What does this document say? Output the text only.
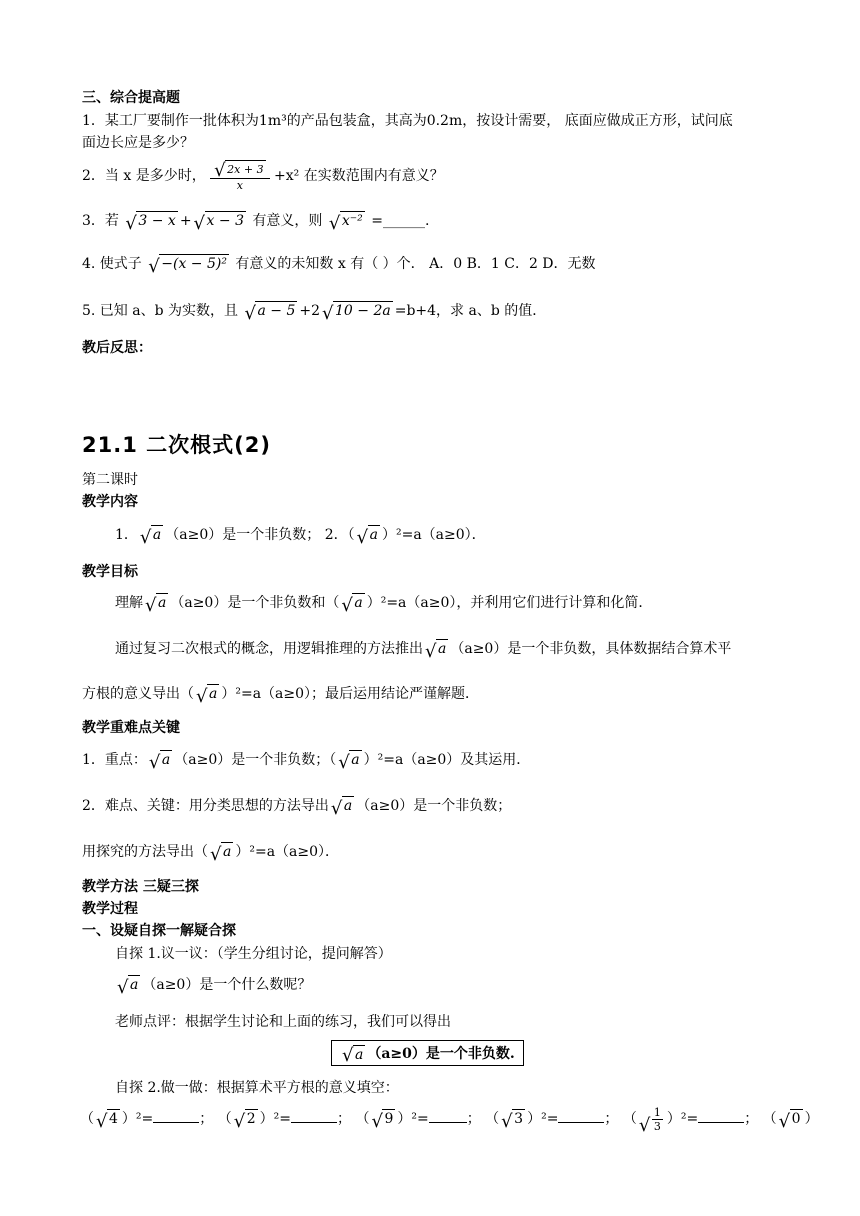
三、综合提高题
1．某工厂要制作一批体积为1m³的产品包装盒，其高为0.2m，按设计需要， 底面应做成正方形，试问底
面边长应是多少？
2．当 x 是多少时， √ $\frac{2x + 3}{x} +x^2$ 在实数范围内有意义？
3．若 √ 3 − x + √ x − 3 有意义，则 √ x⁻² =______.
4. 使式子 √ −(x − 5)² 有意义的未知数 x 有（ ）个． A．0 B．1 C．2 D．无数
5. 已知 a、b 为实数，且 √ a − 5 +2 √ 10 − 2a =b+4，求 a、b 的值．
教后反思：
21.1 二次根式(2)
第二课时
教学内容
1． √ a （a≥0）是一个非负数； 2．（ √ a ）²=a（a≥0）．
教学目标
理解 √ a （a≥0）是一个非负数和（ √ a ）²=a（a≥0），并利用它们进行计算和化简．
通过复习二次根式的概念，用逻辑推理的方法推出 √ a （a≥0）是一个非负数，具体数据结合算术平
方根的意义导出（ √ a ）²=a（a≥0）；最后运用结论严谨解题．
教学重难点关键
1．重点： √ a （a≥0）是一个非负数；（ √ a ）²=a（a≥0）及其运用．
2．难点、关键：用分类思想的方法导出 √ a （a≥0）是一个非负数；
用探究的方法导出（ √ a ）²=a（a≥0）．
教学方法 三疑三探
教学过程
一、设疑自探一解疑合探
自探 1.议一议：（学生分组讨论，提问解答）
√ a （a≥0）是一个什么数呢？
老师点评：根据学生讨论和上面的练习，我们可以得出
√ a （a≥0）是一个非负数.
自探 2.做一做：根据算术平方根的意义填空：
（ √ 4 ）²=	； （ √ 2 ）²=	； （ √ 9 ）²=	； （ √ 3 ）²=	； （ √ $\frac{1}{3} )^2=$	； （ √ 0 ）
